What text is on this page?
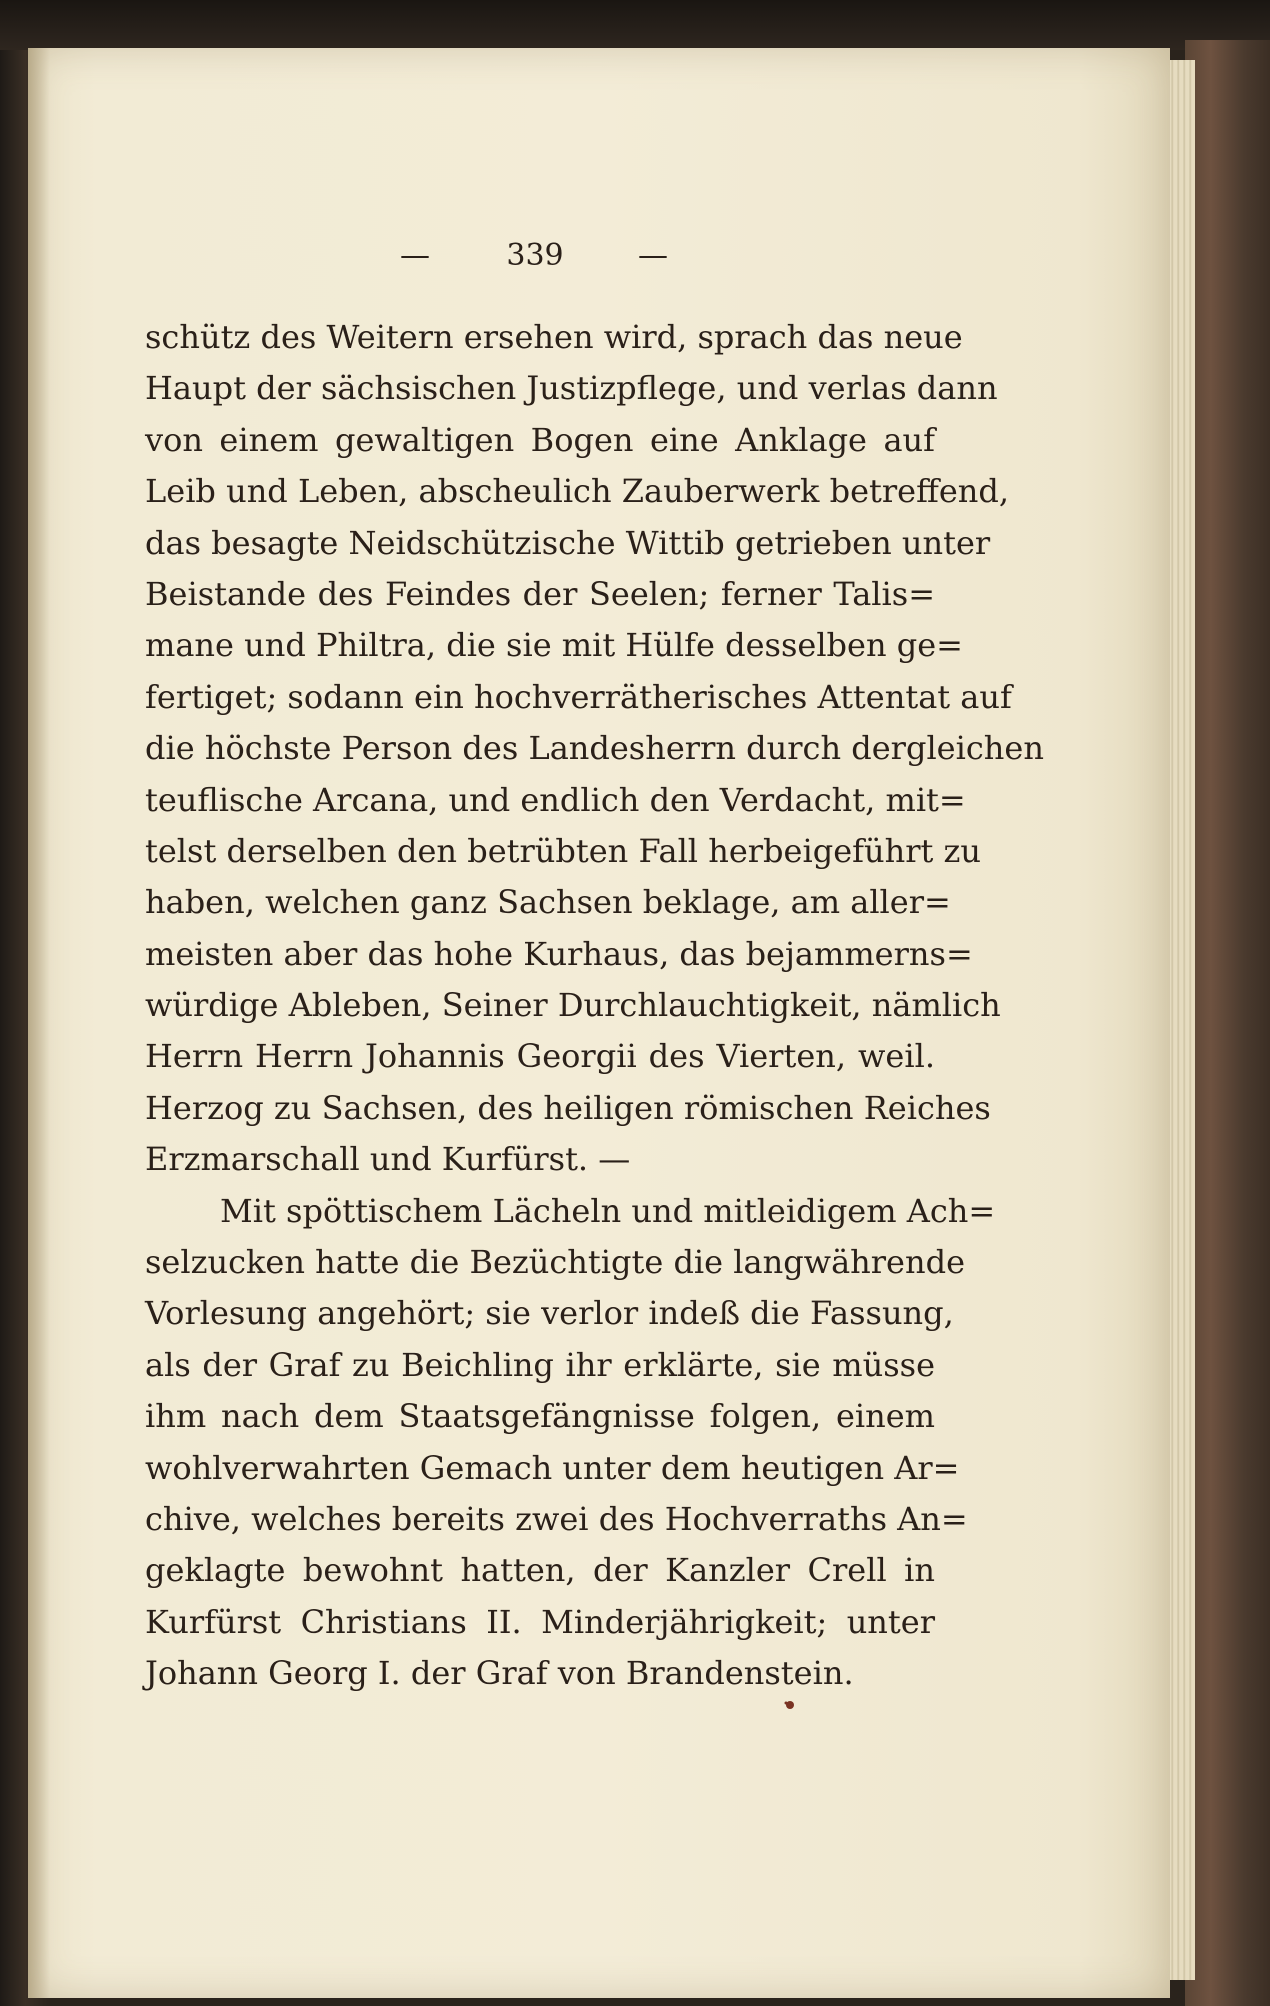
— 339 —
schütz des Weitern ersehen wird, sprach das neue
Haupt der sächsischen Justizpflege, und verlas dann
von einem gewaltigen Bogen eine Anklage auf
Leib und Leben, abscheulich Zauberwerk betreffend,
das besagte Neidschützische Wittib getrieben unter
Beistande des Feindes der Seelen; ferner Talis=
mane und Philtra, die sie mit Hülfe desselben ge=
fertiget; sodann ein hochverrätherisches Attentat auf
die höchste Person des Landesherrn durch dergleichen
teuflische Arcana, und endlich den Verdacht, mit=
telst derselben den betrübten Fall herbeigeführt zu
haben, welchen ganz Sachsen beklage, am aller=
meisten aber das hohe Kurhaus, das bejammerns=
würdige Ableben, Seiner Durchlauchtigkeit, nämlich
Herrn Herrn Johannis Georgii des Vierten, weil.
Herzog zu Sachsen, des heiligen römischen Reiches
Erzmarschall und Kurfürst. —
Mit spöttischem Lächeln und mitleidigem Ach=
selzucken hatte die Bezüchtigte die langwährende
Vorlesung angehört; sie verlor indeß die Fassung,
als der Graf zu Beichling ihr erklärte, sie müsse
ihm nach dem Staatsgefängnisse folgen, einem
wohlverwahrten Gemach unter dem heutigen Ar=
chive, welches bereits zwei des Hochverraths An=
geklagte bewohnt hatten, der Kanzler Crell in
Kurfürst Christians II. Minderjährigkeit; unter
Johann Georg I. der Graf von Brandenstein.
